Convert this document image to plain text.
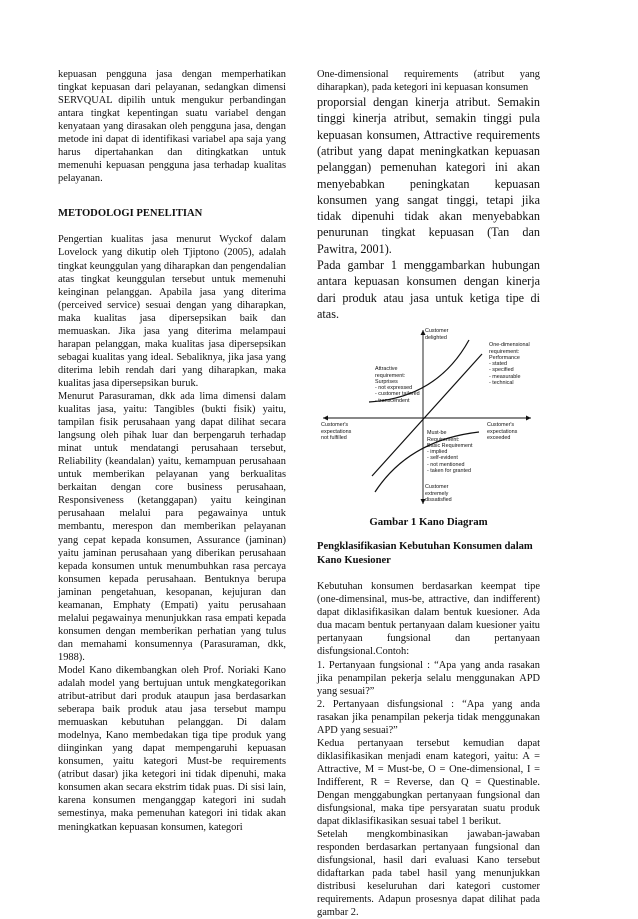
kepuasan pengguna jasa dengan memperhatikan tingkat kepuasan dari pelayanan, sedangkan dimensi SERVQUAL dipilih untuk mengukur perbandingan antara tingkat kepentingan suatu variabel dengan kenyataan yang dirasakan oleh pengguna jasa, dengan metode ini dapat di identifikasi variabel apa saja yang harus dipertahankan dan ditingkatkan untuk memenuhi kepuasan pengguna jasa terhadap kualitas pelayanan.

METODOLOGI PENELITIAN

Pengertian kualitas jasa menurut Wyckof dalam Lovelock yang dikutip oleh Tjiptono (2005), adalah tingkat keunggulan yang diharapkan dan pengendalian atas tingkat keunggulan tersebut untuk memenuhi keinginan pelanggan. Apabila jasa yang diterima (perceived service) sesuai dengan yang diharapkan, maka kualitas jasa dipersepsikan baik dan memuaskan. Jika jasa yang diterima melampaui harapan pelanggan, maka kualitas jasa dipersepsikan sebagai kualitas yang ideal. Sebaliknya, jika jasa yang diterima lebih rendah dari yang diharapkan, maka kualitas jasa dipersepsikan buruk.

Menurut Parasuraman, dkk ada lima dimensi dalam kualitas jasa, yaitu: Tangibles (bukti fisik) yaitu, tampilan fisik perusahaan yang dapat dilihat secara langsung oleh pihak luar dan berpengaruh terhadap minat untuk mendatangi perusahaan tersebut, Reliability (keandalan) yaitu, kemampuan perusahaan untuk memberikan pelayanan yang berkualitas berkaitan dengan core business perusahaan, Responsiveness (ketanggapan) yaitu keinginan perusahaan melalui para pegawainya untuk membantu, merespon dan memberikan pelayanan yang cepat kepada konsumen, Assurance (jaminan) yaitu jaminan perusahaan yang diberikan perusahaan kepada konsumen untuk menumbuhkan rasa percaya konsumen kepada perusahaan. Bentuknya berupa jaminan pengetahuan, kesopanan, kejujuran dan keamanan, Emphaty (Empati) yaitu perusahaan melalui pegawainya menunjukkan rasa empati kepada konsumen dengan memberikan perhatian yang tulus dan memahami konsumennya (Parasuraman, dkk, 1988).

Model Kano dikembangkan oleh Prof. Noriaki Kano adalah model yang bertujuan untuk mengkategorikan atribut-atribut dari produk ataupun jasa berdasarkan seberapa baik produk atau jasa tersebut mampu memuaskan kebutuhan pelanggan. Di dalam modelnya, Kano membedakan tiga tipe produk yang diinginkan yang dapat mempengaruhi kepuasan konsumen, yaitu kategori Must-be requirements (atribut dasar) jika ketegori ini tidak dipenuhi, maka konsumen akan secara ekstrim tidak puas. Di sisi lain, karena konsumen menganggap kategori ini sudah semestinya, maka pemenuhan kategori ini tidak akan meningkatkan kepuasan konsumen, kategori

One-dimensional requirements (atribut yang diharapkan), pada ketegori ini kepuasan konsumen

proporsial dengan kinerja atribut. Semakin tinggi kinerja atribut, semakin tinggi pula kepuasan konsumen, Attractive requirements (atribut yang dapat meningkatkan kepuasan pelanggan) pemenuhan kategori ini akan menyebabkan peningkatan kepuasan konsumen yang sangat tinggi, tetapi jika tidak dipenuhi tidak akan menyebabkan penurunan tingkat kepuasan (Tan dan Pawitra, 2001).

Pada gambar 1 menggambarkan hubungan antara kepuasan konsumen dengan kinerja dari produk atau jasa untuk ketiga tipe di atas.

Customer
delighted
One-dimensional
requirement:
Performance
- stated
- specified
- measurable
- technical
Attractive
requirement:
Surprises
- not expressed
- customer tailored
- transcendent
Customer's
expectations
not fulfilled
Customer's
expectations
exceeded
Must-be
Requirement:
Basic Requirement
- implied
- self-evident
- not mentioned
- taken for granted
Customer
extremely
dissatisfied

Gambar 1 Kano Diagram

Pengklasifikasian Kebutuhan Konsumen dalam Kano Kuesioner

Kebutuhan konsumen berdasarkan keempat tipe (one-dimensinal, mus-be, attractive, dan indifferent) dapat diklasifikasikan dalam bentuk kuesioner. Ada dua macam bentuk pertanyaan dalam kuesioner yaitu pertanyaan fungsional dan pertanyaan disfungsional.Contoh:

1. Pertanyaan fungsional : “Apa yang anda rasakan jika penampilan pekerja selalu menggunakan APD yang sesuai?”

2. Pertanyaan disfungsional : “Apa yang anda rasakan jika penampilan pekerja tidak menggunakan APD yang sesuai?”

Kedua pertanyaan tersebut kemudian dapat diklasifikasikan menjadi enam kategori, yaitu: A = Attractive, M = Must-be, O = One-dimensional, I = Indifferent, R = Reverse, dan Q = Questinable. Dengan menggabungkan pertanyaan fungsional dan disfungsional, maka tipe persyaratan suatu produk dapat diklasifikasikan sesuai tabel 1 berikut.

Setelah mengkombinasikan jawaban-jawaban responden berdasarkan pertanyaan fungsional dan disfungsional, hasil dari evaluasi Kano tersebut didaftarkan pada tabel hasil yang menunjukkan distribusi keseluruhan dari kategori customer requirements. Adapun prosesnya dapat dilihat pada gambar 2.
